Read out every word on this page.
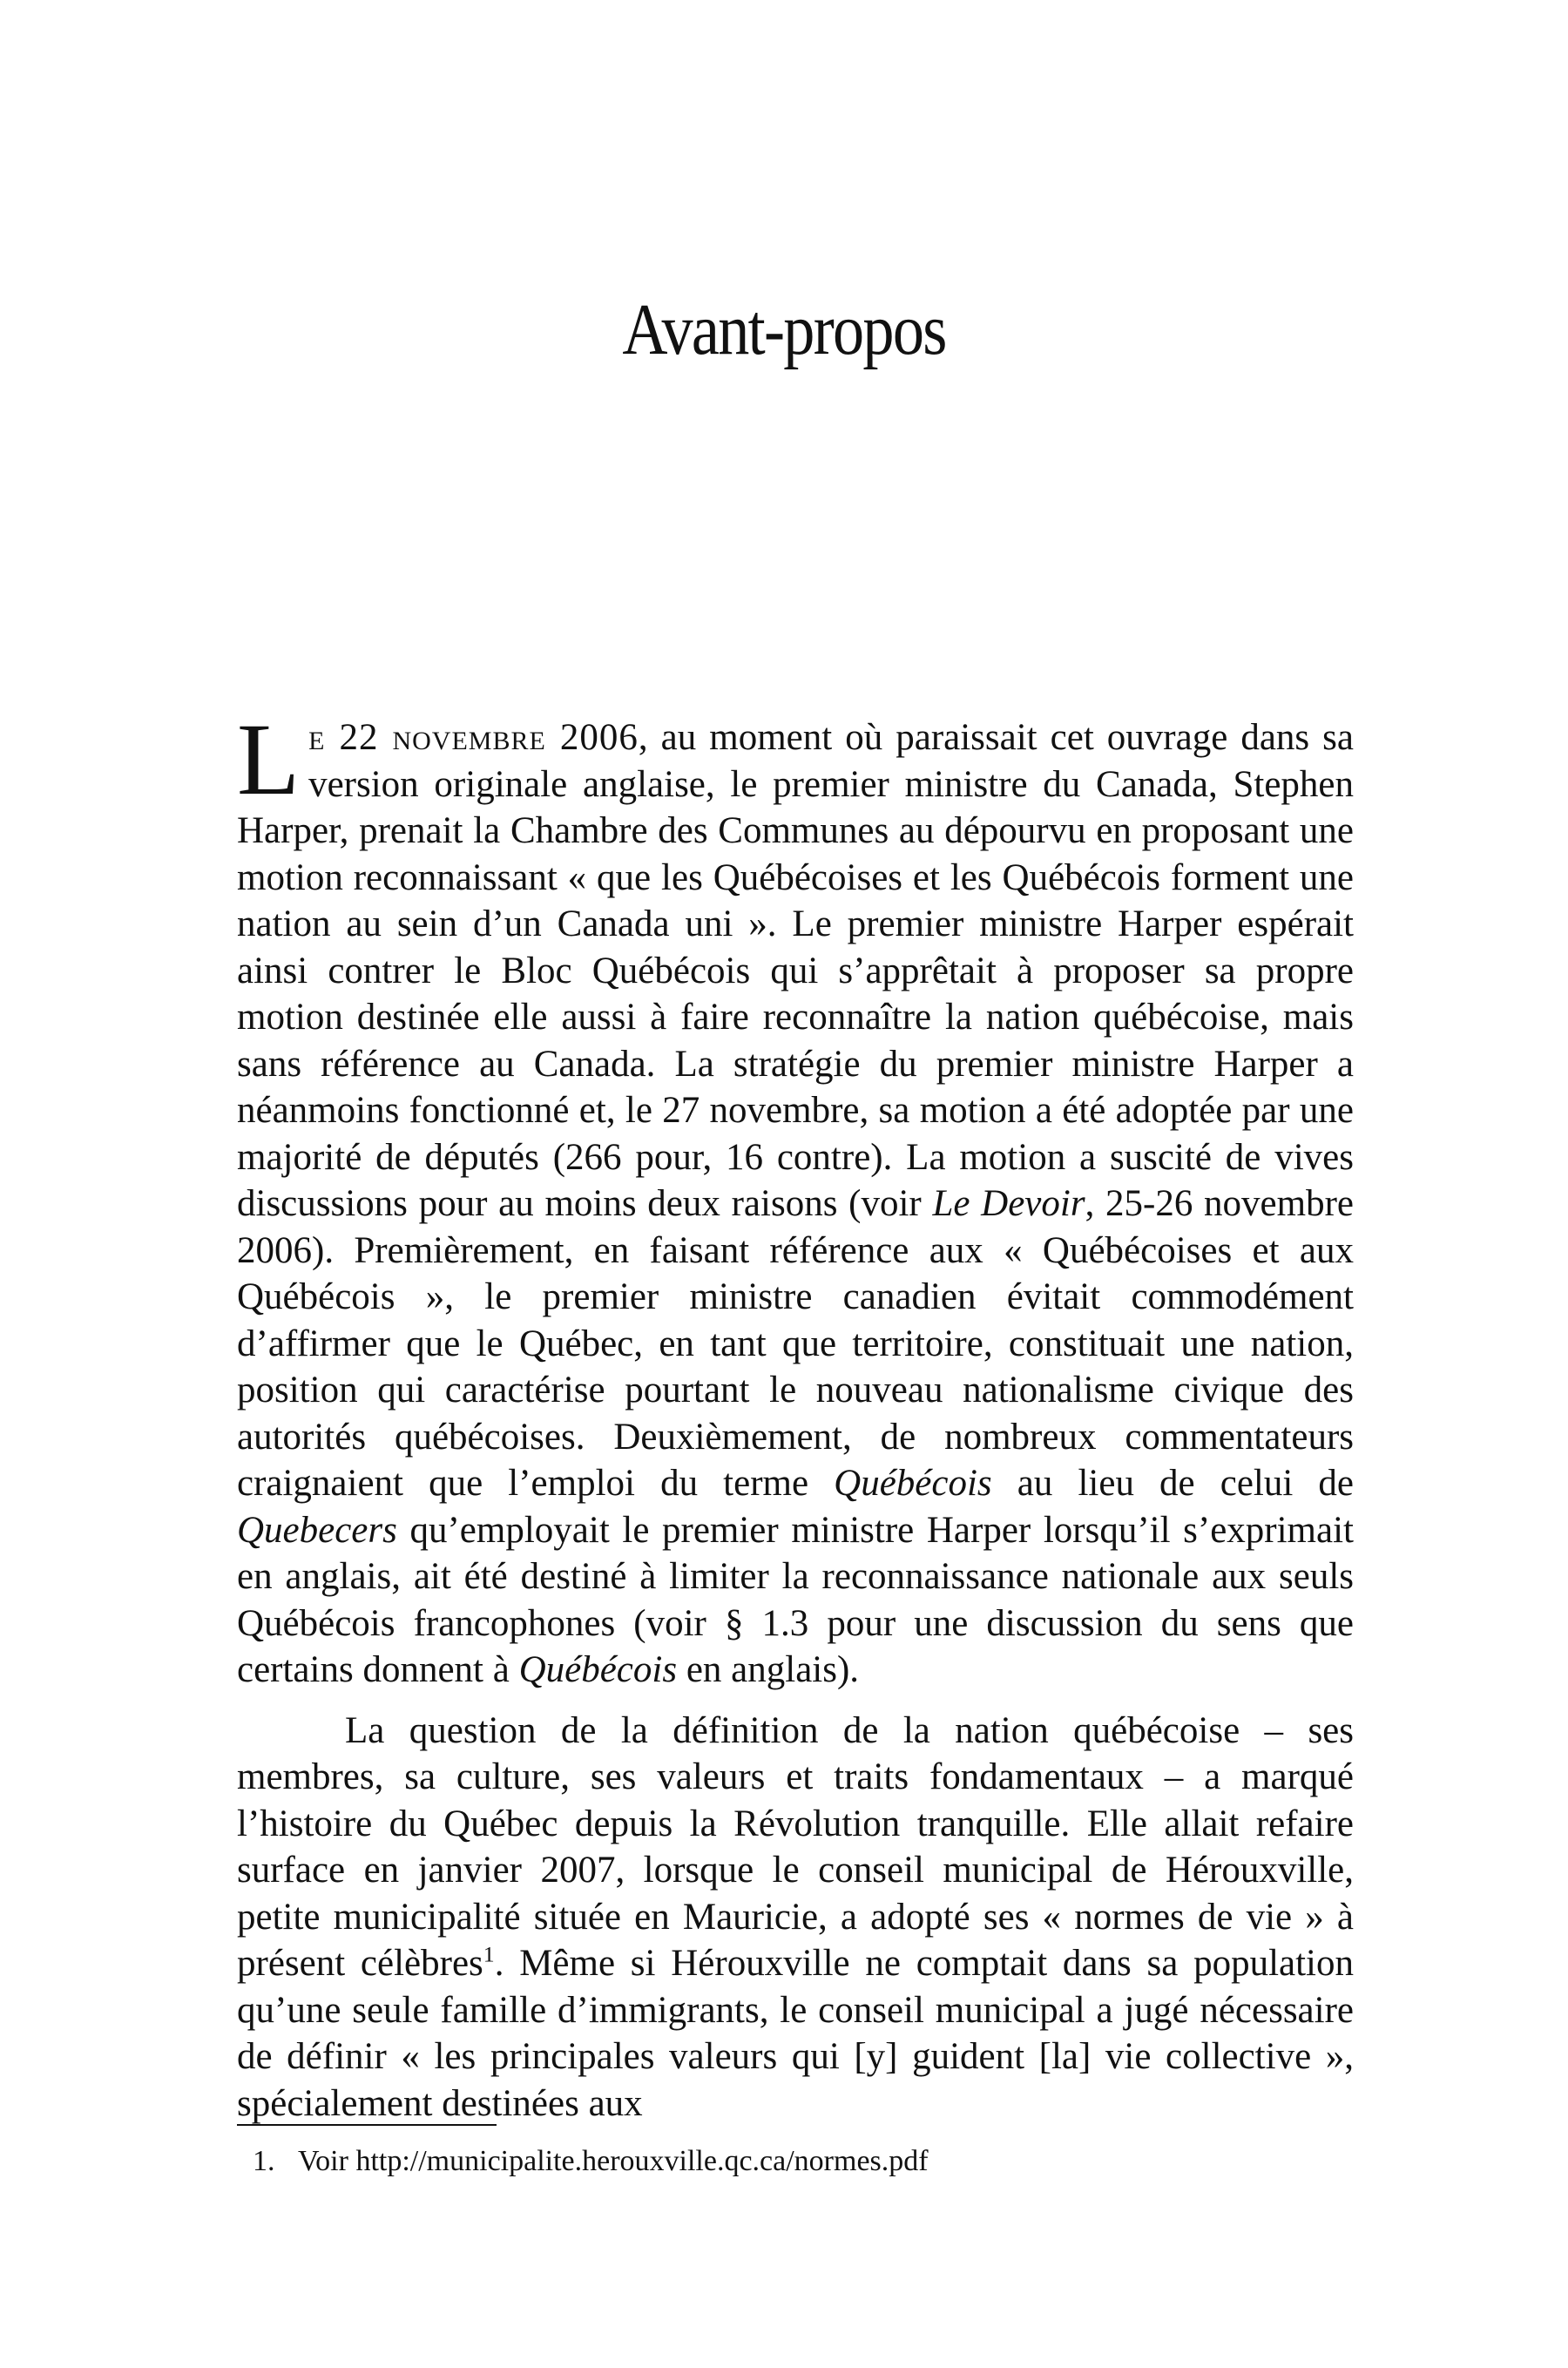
Avant-propos

Le 22 novembre 2006, au moment où paraissait cet ouvrage dans sa version originale anglaise, le premier ministre du Canada, Stephen Harper, prenait la Chambre des Communes au dépourvu en proposant une motion reconnaissant « que les Québécoises et les Québécois forment une nation au sein d’un Canada uni ». Le premier ministre Harper espérait ainsi contrer le Bloc Québécois qui s’apprêtait à proposer sa propre motion destinée elle aussi à faire reconnaître la nation québécoise, mais sans référence au Canada. La stratégie du premier ministre Harper a néanmoins fonctionné et, le 27 novembre, sa motion a été adoptée par une majorité de députés (266 pour, 16 contre). La motion a suscité de vives discussions pour au moins deux raisons (voir Le Devoir, 25-26 novembre 2006). Premièrement, en faisant référence aux « Québécoises et aux Québécois », le premier ministre canadien évitait commodément d’affirmer que le Québec, en tant que territoire, constituait une nation, position qui caractérise pourtant le nouveau nationalisme civique des autorités québécoises. Deuxièmement, de nombreux commentateurs craignaient que l’emploi du terme Québécois au lieu de celui de Quebecers qu’employait le premier ministre Harper lorsqu’il s’exprimait en anglais, ait été destiné à limiter la reconnaissance nationale aux seuls Québécois francophones (voir § 1.3 pour une discussion du sens que certains donnent à Québécois en anglais).

La question de la définition de la nation québécoise – ses membres, sa culture, ses valeurs et traits fondamentaux – a marqué l’histoire du Québec depuis la Révolution tranquille. Elle allait refaire surface en janvier 2007, lorsque le conseil municipal de Hérouxville, petite municipalité située en Mauricie, a adopté ses « normes de vie » à présent célèbres$^1$. Même si Hérouxville ne comptait dans sa population qu’une seule famille d’immigrants, le conseil municipal a jugé nécessaire de définir « les principales valeurs qui [y] guident [la] vie collective », spécialement destinées aux

1. Voir http://municipalite.herouxville.qc.ca/normes.pdf
